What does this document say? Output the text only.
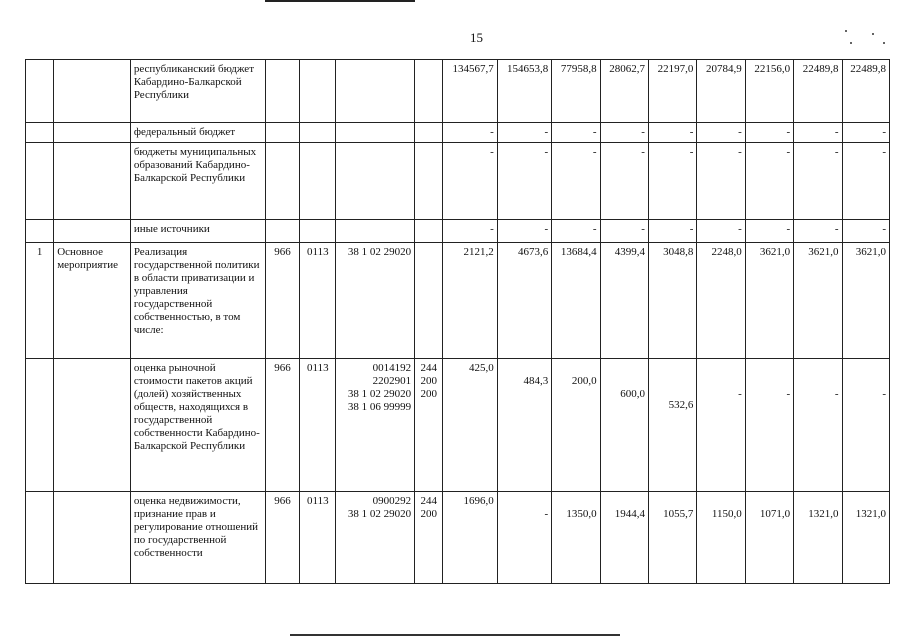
15

		республиканский бюджет Кабардино-Балкарской Республики					134567,7	154653,8	77958,8	28062,7	22197,0	20784,9	22156,0	22489,8	22489,8

		федеральный бюджет					-	-	-	-	-	-	-	-	-

		бюджеты муниципальных образований Кабардино-Балкарской Республики					-	-	-	-	-	-	-	-	-

		иные источники					-	-	-	-	-	-	-	-	-

1	Основное мероприятие	Реализация государственной политики в области приватизации и управления государственной собственностью, в том числе:	966	0113	38 1 02 29020		2121,2	4673,6	13684,4	4399,4	3048,8	2248,0	3621,0	3621,0	3621,0

		оценка рыночной стоимости пакетов акций (долей) хозяйственных обществ, находящихся в государственной собственности Кабардино-Балкарской Республики	966	0113	0014192
2202901
38 1 02 29020
38 1 06 99999	244
200
200	425,0	484,3	200,0	600,0	532,6	-	-	-	-

		оценка недвижимости, признание прав и регулирование отношений по государственной собственности	966	0113	0900292
38 1 02 29020	244
200	1696,0	-	1350,0	1944,4	1055,7	1150,0	1071,0	1321,0	1321,0
